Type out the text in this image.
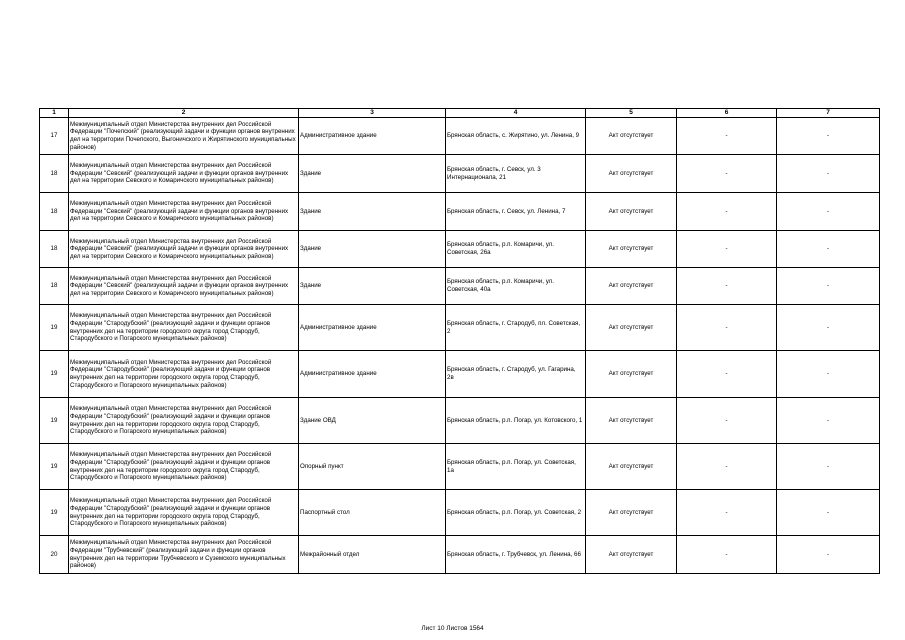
1	2	3	4	5	6	7
17	Межмуниципальный отдел Министерства внутренних дел Российской Федерации "Почепский" (реализующий задачи и функции органов внутренних дел на территории Почепского, Выгоничского и Жирятинского муниципальных районов)	Административное здание	Брянская область, с. Жирятино, ул. Ленина, 9	Акт отсутствует	-	-
18	Межмуниципальный отдел Министерства внутренних дел Российской Федерации "Севский" (реализующий задачи и функции органов внутренних дел на территории Севского и Комаричского муниципальных районов)	Здание	Брянская область, г. Севск, ул. 3 Интернационала, 21	Акт отсутствует	-	-
18	Межмуниципальный отдел Министерства внутренних дел Российской Федерации "Севский" (реализующий задачи и функции органов внутренних дел на территории Севского и Комаричского муниципальных районов)	Здание	Брянская область, г. Севск, ул. Ленина, 7	Акт отсутствует	-	-
18	Межмуниципальный отдел Министерства внутренних дел Российской Федерации "Севский" (реализующий задачи и функции органов внутренних дел на территории Севского и Комаричского муниципальных районов)	Здание	Брянская область, р.п. Комаричи, ул. Советская, 26а	Акт отсутствует	-	-
18	Межмуниципальный отдел Министерства внутренних дел Российской Федерации "Севский" (реализующий задачи и функции органов внутренних дел на территории Севского и Комаричского муниципальных районов)	Здание	Брянская область, р.п. Комаричи, ул. Советская, 40а	Акт отсутствует	-	-
19	Межмуниципальный отдел Министерства внутренних дел Российской Федерации "Стародубский" (реализующий задачи и функции органов внутренних дел на территории городского округа город Стародуб, Стародубского и Погарского муниципальных районов)	Административное здание	Брянская область, г. Стародуб, пл. Советская, 2	Акт отсутствует	-	-
19	Межмуниципальный отдел Министерства внутренних дел Российской Федерации "Стародубский" (реализующий задачи и функции органов внутренних дел на территории городского округа город Стародуб, Стародубского и Погарского муниципальных районов)	Административное здание	Брянская область, г. Стародуб, ул. Гагарина, 2в	Акт отсутствует	-	-
19	Межмуниципальный отдел Министерства внутренних дел Российской Федерации "Стародубский" (реализующий задачи и функции органов внутренних дел на территории городского округа город Стародуб, Стародубского и Погарского муниципальных районов)	Здание ОВД	Брянская область, р.п. Погар, ул. Котовского, 1	Акт отсутствует	-	-
19	Межмуниципальный отдел Министерства внутренних дел Российской Федерации "Стародубский" (реализующий задачи и функции органов внутренних дел на территории городского округа город Стародуб, Стародубского и Погарского муниципальных районов)	Опорный пункт	Брянская область, р.п. Погар, ул. Советская, 1а	Акт отсутствует	-	-
19	Межмуниципальный отдел Министерства внутренних дел Российской Федерации "Стародубский" (реализующий задачи и функции органов внутренних дел на территории городского округа город Стародуб, Стародубского и Погарского муниципальных районов)	Паспортный стол	Брянская область, р.п. Погар, ул. Советская, 2	Акт отсутствует	-	-
20	Межмуниципальный отдел Министерства внутренних дел Российской Федерации "Трубчевский" (реализующий задачи и функции органов внутренних дел на территории Трубчевского и Суземского муниципальных районов)	Межрайонный отдел	Брянская область, г. Трубчевск, ул. Ленина, 66	Акт отсутствует	-	-
Лист 10 Листов 1564
